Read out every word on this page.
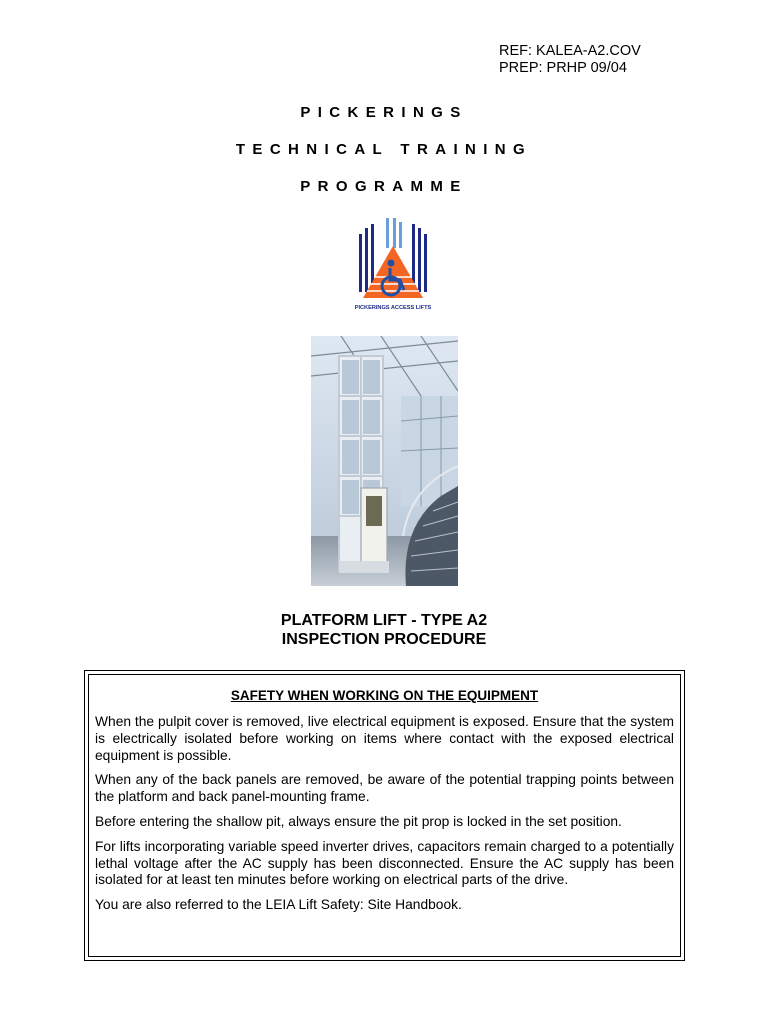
REF: KALEA-A2.COV
PREP: PRHP 09/04
PICKERINGS
TECHNICAL TRAINING
PROGRAMME
PICKERINGS ACCESS LIFTS
PLATFORM LIFT - TYPE A2
INSPECTION PROCEDURE
SAFETY WHEN WORKING ON THE EQUIPMENT

When the pulpit cover is removed, live electrical equipment is exposed. Ensure that the system is electrically isolated before working on items where contact with the exposed electrical equipment is possible.

When any of the back panels are removed, be aware of the potential trapping points between the platform and back panel-mounting frame.

Before entering the shallow pit, always ensure the pit prop is locked in the set position.

For lifts incorporating variable speed inverter drives, capacitors remain charged to a potentially lethal voltage after the AC supply has been disconnected. Ensure the AC supply has been isolated for at least ten minutes before working on electrical parts of the drive.

You are also referred to the LEIA Lift Safety: Site Handbook.
